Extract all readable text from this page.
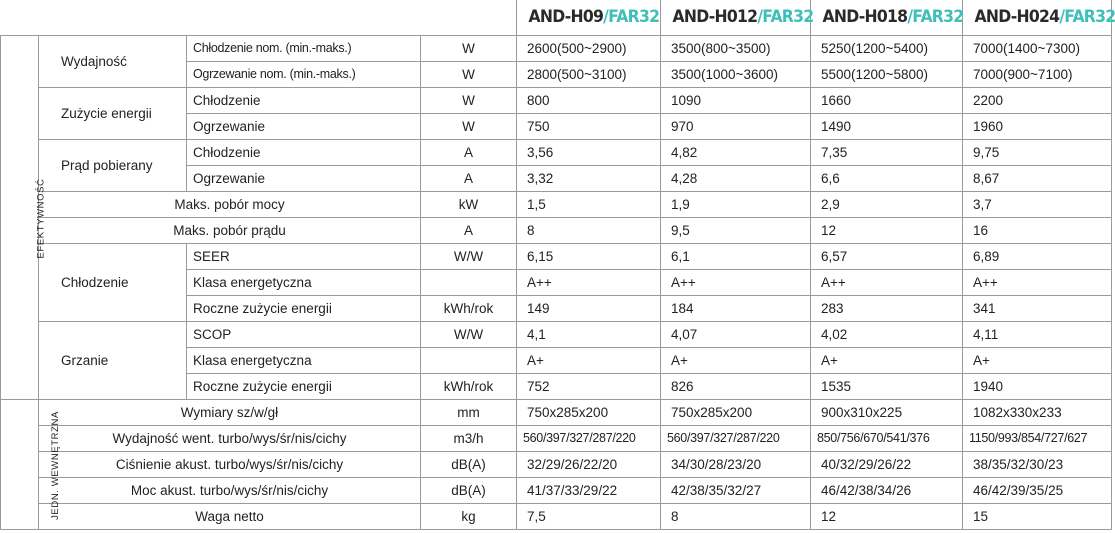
				AND-H09/FAR32	AND-H012/FAR32	AND-H018/FAR32	AND-H024/FAR32
EFEKTYWNOŚĆ	Wydajność	Chłodzenie nom. (min.-maks.)	W	2600(500~2900)	3500(800~3500)	5250(1200~5400)	7000(1400~7300)
		Ogrzewanie nom. (min.-maks.)	W	2800(500~3100)	3500(1000~3600)	5500(1200~5800)	7000(900~7100)
	Zużycie energii	Chłodzenie	W	800	1090	1660	2200
		Ogrzewanie	W	750	970	1490	1960
	Prąd pobierany	Chłodzenie	A	3,56	4,82	7,35	9,75
		Ogrzewanie	A	3,32	4,28	6,6	8,67
	Maks. pobór mocy		kW	1,5	1,9	2,9	3,7
	Maks. pobór prądu		A	8	9,5	12	16
	Chłodzenie	SEER	W/W	6,15	6,1	6,57	6,89
		Klasa energetyczna		A++	A++	A++	A++
		Roczne zużycie energii	kWh/rok	149	184	283	341
	Grzanie	SCOP	W/W	4,1	4,07	4,02	4,11
		Klasa energetyczna		A+	A+	A+	A+
		Roczne zużycie energii	kWh/rok	752	826	1535	1940
JEDN. WEWNĘTRZNA	Wymiary sz/w/gł		mm	750x285x200	750x285x200	900x310x225	1082x330x233
	Wydajność went. turbo/wys/śr/nis/cichy		m3/h	560/397/327/287/220	560/397/327/287/220	850/756/670/541/376	1150/993/854/727/627
	Ciśnienie akust. turbo/wys/śr/nis/cichy		dB(A)	32/29/26/22/20	34/30/28/23/20	40/32/29/26/22	38/35/32/30/23
	Moc akust. turbo/wys/śr/nis/cichy		dB(A)	41/37/33/29/22	42/38/35/32/27	46/42/38/34/26	46/42/39/35/25
	Waga netto		kg	7,5	8	12	15
